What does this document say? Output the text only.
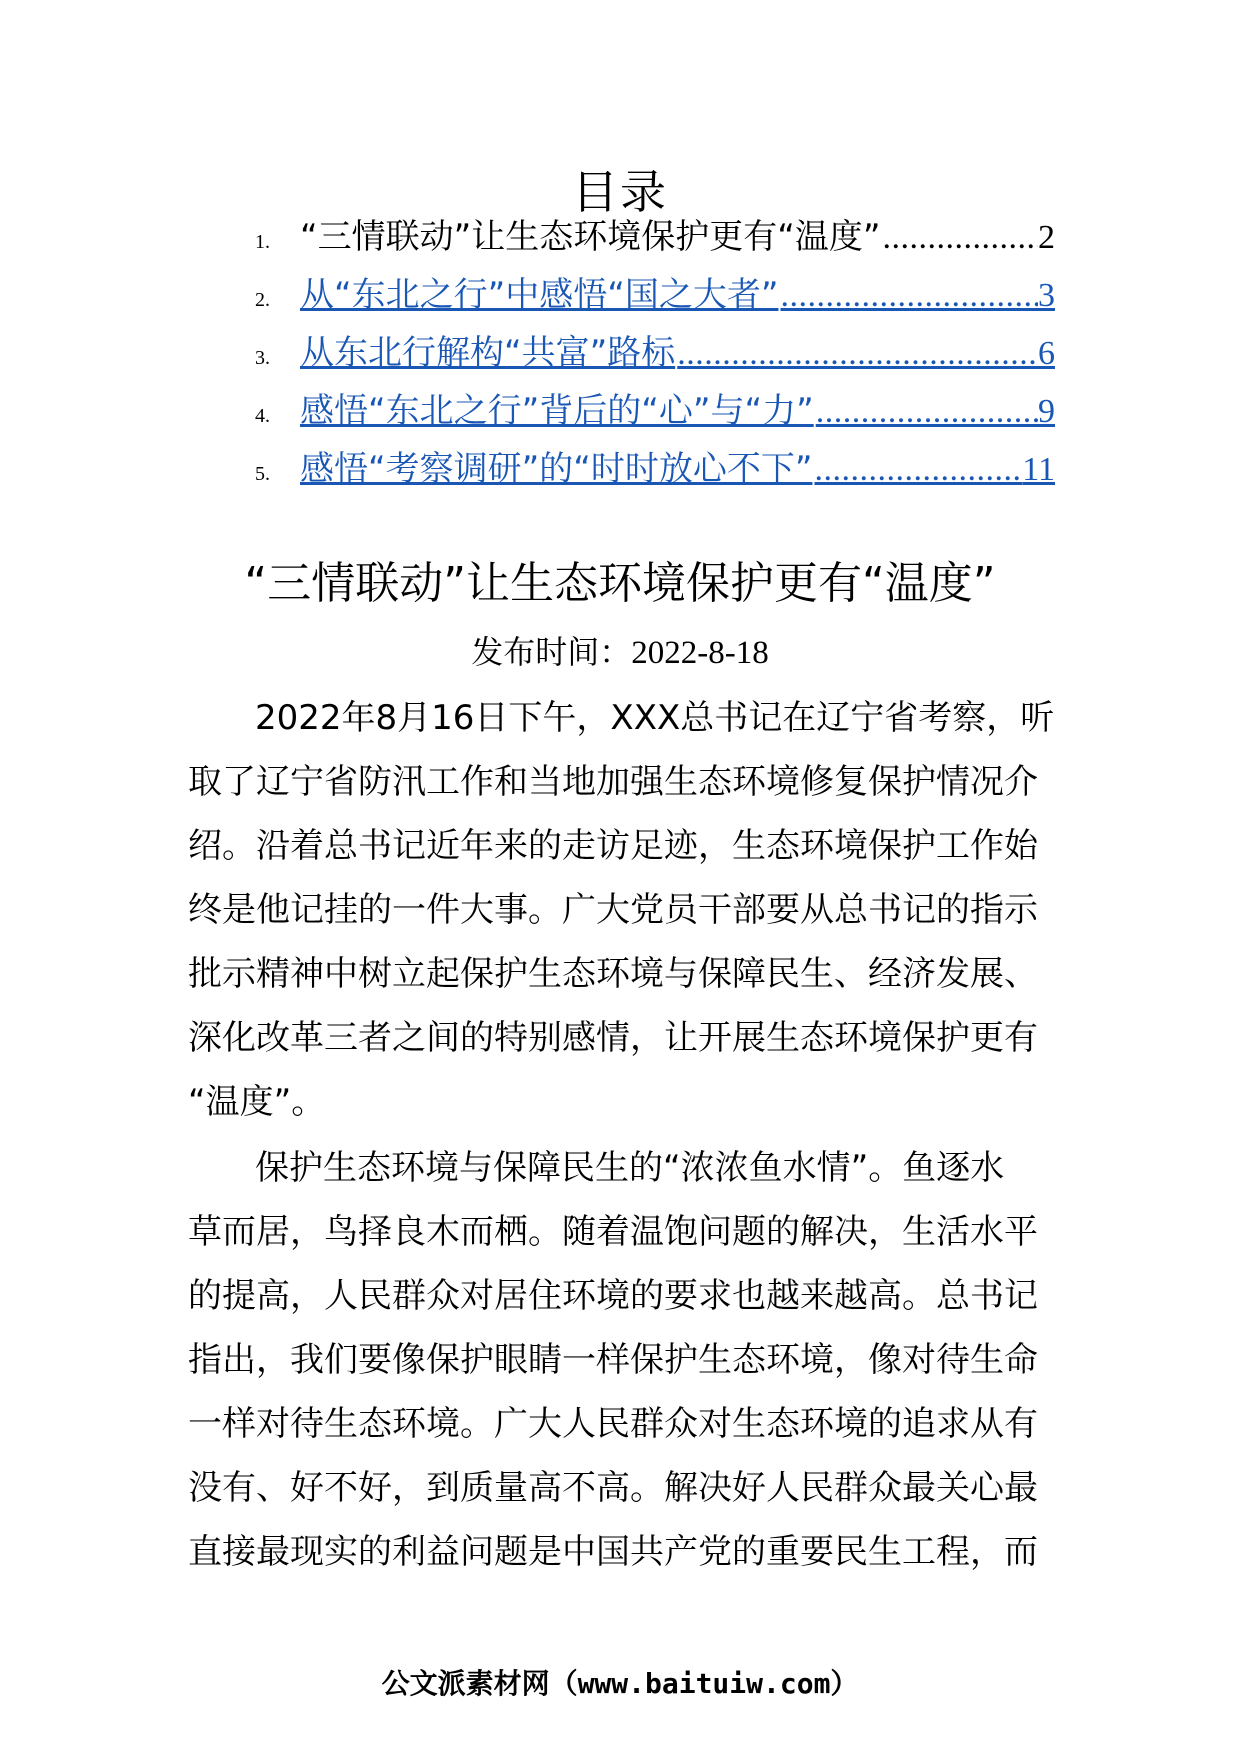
目录
1. “三情联动”让生态环境保护更有“温度” .....	2
2. 从“东北之行”中感悟“国之大者” .....	3
3. 从东北行解构“共富”路标 .....	6
4. 感悟“东北之行”背后的“心”与“力” .....	9
5. 感悟“考察调研”的“时时放心不下” .....	11
“三情联动”让生态环境保护更有“温度”
发布时间：2022-8-18
2022年8月16日下午，XXX总书记在辽宁省考察，听
取了辽宁省防汛工作和当地加强生态环境修复保护情况介
绍。沿着总书记近年来的走访足迹，生态环境保护工作始
终是他记挂的一件大事。广大党员干部要从总书记的指示
批示精神中树立起保护生态环境与保障民生、经济发展、
深化改革三者之间的特别感情，让开展生态环境保护更有
“温度”。
保护生态环境与保障民生的“浓浓鱼水情”。鱼逐水
草而居，鸟择良木而栖。随着温饱问题的解决，生活水平
的提高，人民群众对居住环境的要求也越来越高。总书记
指出，我们要像保护眼睛一样保护生态环境，像对待生命
一样对待生态环境。广大人民群众对生态环境的追求从有
没有、好不好，到质量高不高。解决好人民群众最关心最
直接最现实的利益问题是中国共产党的重要民生工程，而
公文派素材网（www.baituiw.com）
